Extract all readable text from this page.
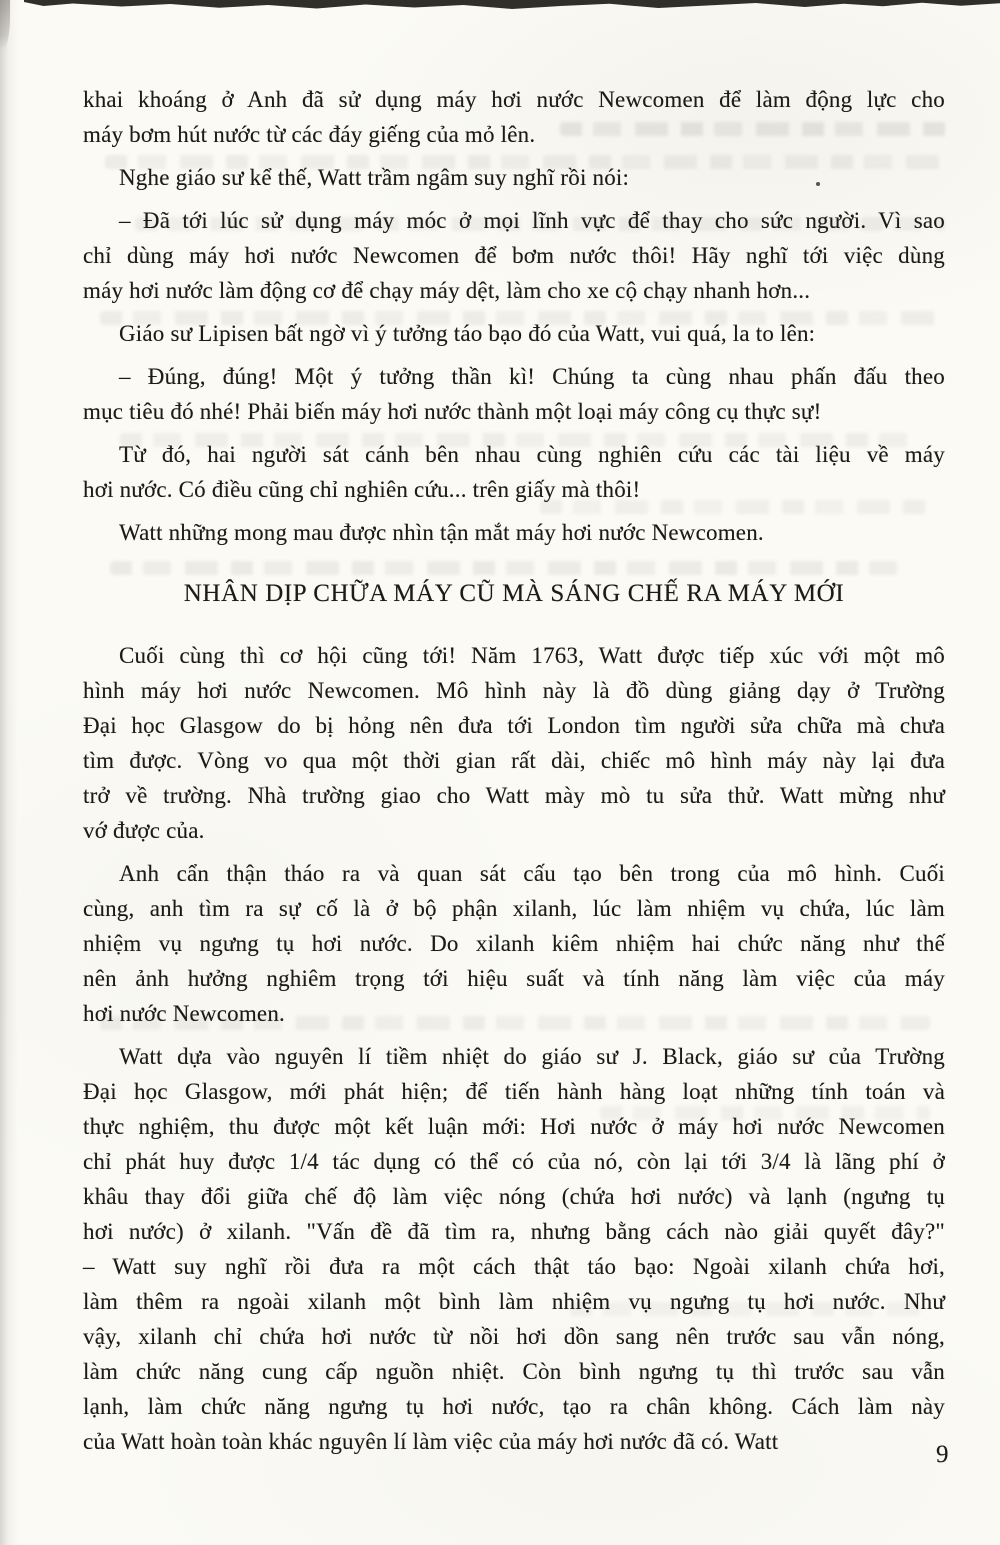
khai khoáng ở Anh đã sử dụng máy hơi nước Newcomen để làm động lực cho
máy bơm hút nước từ các đáy giếng của mỏ lên.
Nghe giáo sư kể thế, Watt trầm ngâm suy nghĩ rồi nói:
– Đã tới lúc sử dụng máy móc ở mọi lĩnh vực để thay cho sức người. Vì sao
chỉ dùng máy hơi nước Newcomen để bơm nước thôi! Hãy nghĩ tới việc dùng
máy hơi nước làm động cơ để chạy máy dệt, làm cho xe cộ chạy nhanh hơn...
Giáo sư Lipisen bất ngờ vì ý tưởng táo bạo đó của Watt, vui quá, la to lên:
– Đúng, đúng! Một ý tưởng thần kì! Chúng ta cùng nhau phấn đấu theo
mục tiêu đó nhé! Phải biến máy hơi nước thành một loại máy công cụ thực sự!
Từ đó, hai người sát cánh bên nhau cùng nghiên cứu các tài liệu về máy
hơi nước. Có điều cũng chỉ nghiên cứu... trên giấy mà thôi!
Watt những mong mau được nhìn tận mắt máy hơi nước Newcomen.
NHÂN DỊP CHỮA MÁY CŨ MÀ SÁNG CHẾ RA MÁY MỚI
Cuối cùng thì cơ hội cũng tới! Năm 1763, Watt được tiếp xúc với một mô
hình máy hơi nước Newcomen. Mô hình này là đồ dùng giảng dạy ở Trường
Đại học Glasgow do bị hỏng nên đưa tới London tìm người sửa chữa mà chưa
tìm được. Vòng vo qua một thời gian rất dài, chiếc mô hình máy này lại đưa
trở về trường. Nhà trường giao cho Watt mày mò tu sửa thử. Watt mừng như
vớ được của.
Anh cẩn thận tháo ra và quan sát cấu tạo bên trong của mô hình. Cuối
cùng, anh tìm ra sự cố là ở bộ phận xilanh, lúc làm nhiệm vụ chứa, lúc làm
nhiệm vụ ngưng tụ hơi nước. Do xilanh kiêm nhiệm hai chức năng như thế
nên ảnh hưởng nghiêm trọng tới hiệu suất và tính năng làm việc của máy
hơi nước Newcomen.
Watt dựa vào nguyên lí tiềm nhiệt do giáo sư J. Black, giáo sư của Trường
Đại học Glasgow, mới phát hiện; để tiến hành hàng loạt những tính toán và
thực nghiệm, thu được một kết luận mới: Hơi nước ở máy hơi nước Newcomen
chỉ phát huy được 1/4 tác dụng có thể có của nó, còn lại tới 3/4 là lãng phí ở
khâu thay đổi giữa chế độ làm việc nóng (chứa hơi nước) và lạnh (ngưng tụ
hơi nước) ở xilanh. "Vấn đề đã tìm ra, nhưng bằng cách nào giải quyết đây?"
– Watt suy nghĩ rồi đưa ra một cách thật táo bạo: Ngoài xilanh chứa hơi,
làm thêm ra ngoài xilanh một bình làm nhiệm vụ ngưng tụ hơi nước. Như
vậy, xilanh chỉ chứa hơi nước từ nồi hơi dồn sang nên trước sau vẫn nóng,
làm chức năng cung cấp nguồn nhiệt. Còn bình ngưng tụ thì trước sau vẫn
lạnh, làm chức năng ngưng tụ hơi nước, tạo ra chân không. Cách làm này
của Watt hoàn toàn khác nguyên lí làm việc của máy hơi nước đã có. Watt	9
